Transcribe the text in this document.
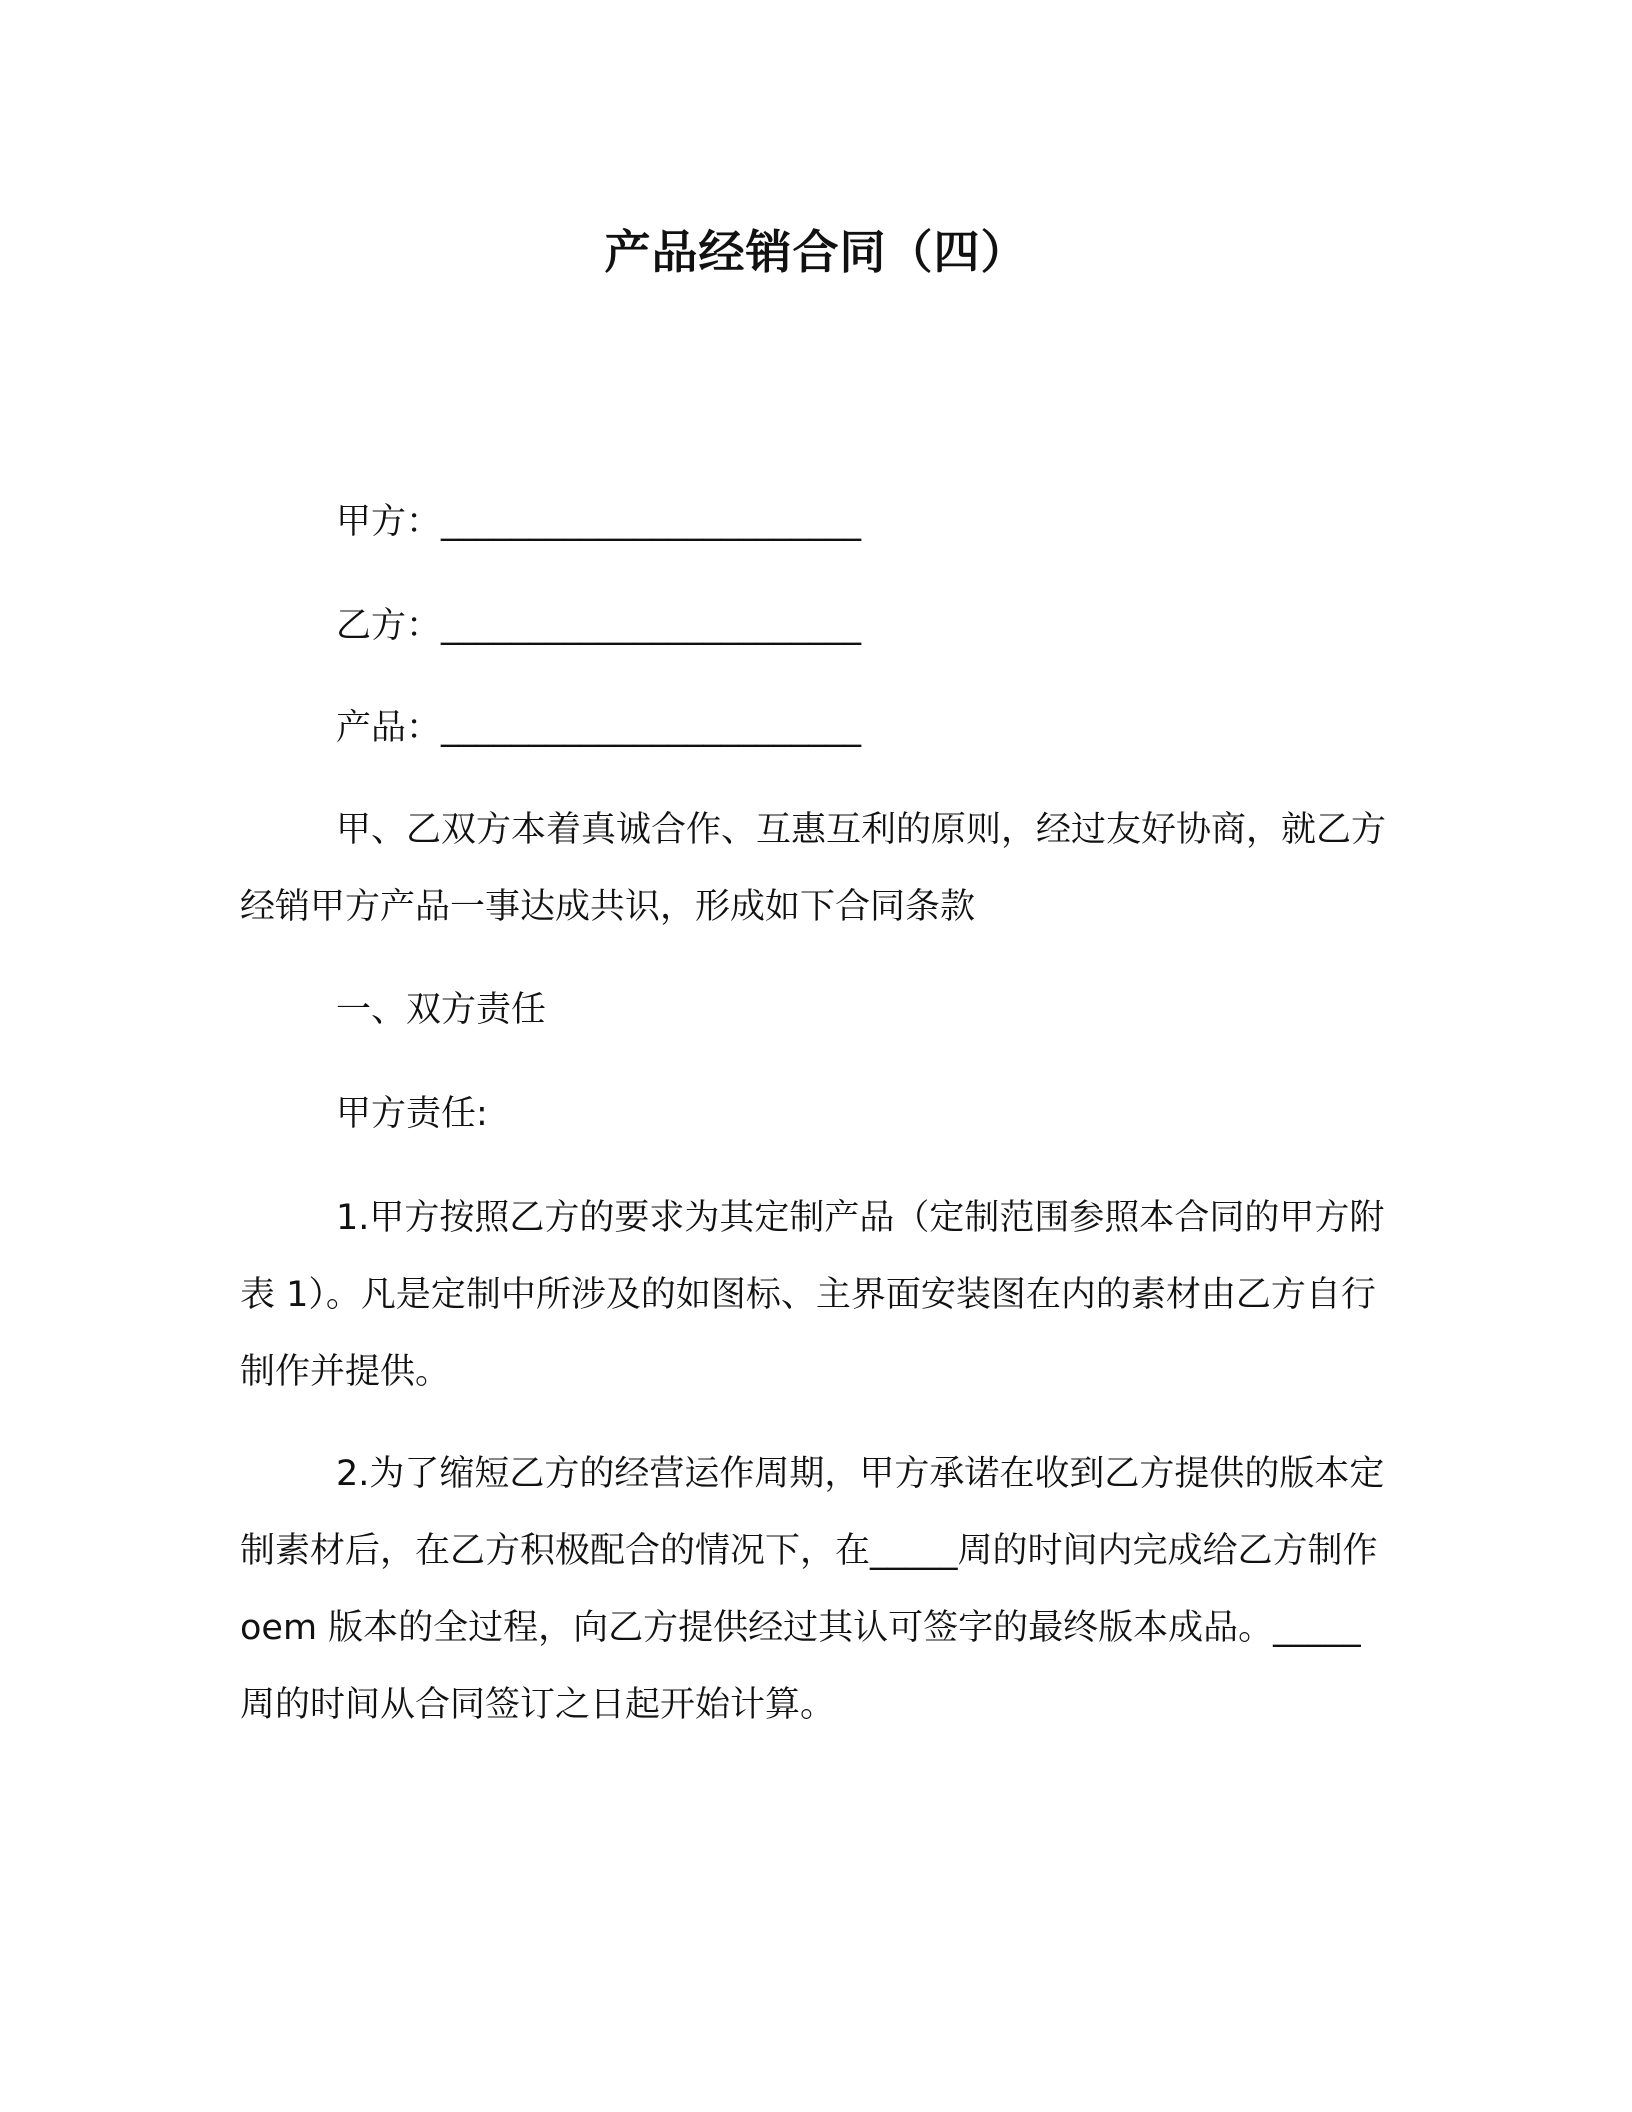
产品经销合同（四）
甲方：________________________
乙方：________________________
产品：________________________

甲、乙双方本着真诚合作、互惠互利的原则，经过友好协商，就乙方经销甲方产品一事达成共识，形成如下合同条款

一、双方责任
甲方责任:

1.甲方按照乙方的要求为其定制产品（定制范围参照本合同的甲方附表 1）。凡是定制中所涉及的如图标、主界面安装图在内的素材由乙方自行制作并提供。

2.为了缩短乙方的经营运作周期，甲方承诺在收到乙方提供的版本定制素材后，在乙方积极配合的情况下，在_____周的时间内完成给乙方制作 oem 版本的全过程，向乙方提供经过其认可签字的最终版本成品。_____周的时间从合同签订之日起开始计算。
